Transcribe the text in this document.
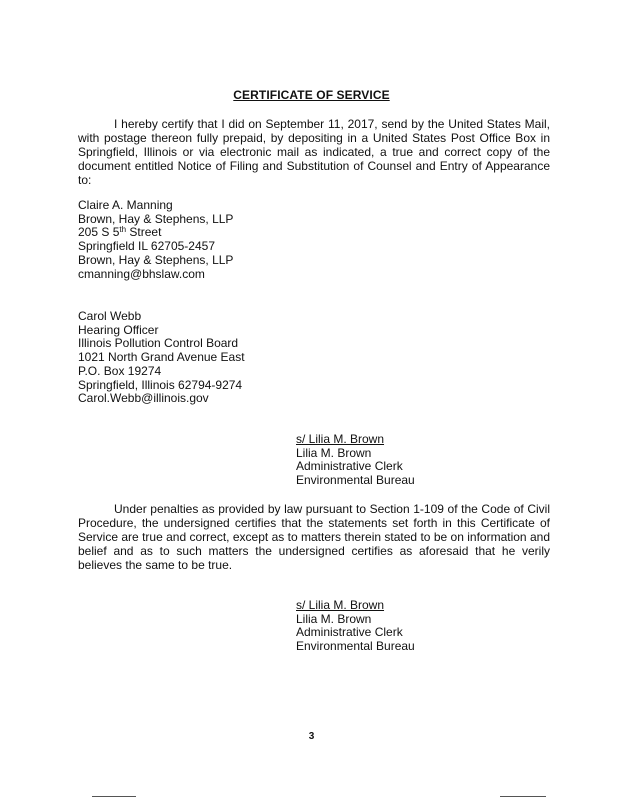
CERTIFICATE OF SERVICE
I hereby certify that I did on September 11, 2017, send by the United States Mail, with postage thereon fully prepaid, by depositing in a United States Post Office Box in Springfield, Illinois or via electronic mail as indicated, a true and correct copy of the document entitled Notice of Filing and Substitution of Counsel and Entry of Appearance to:
Claire A. Manning
Brown, Hay & Stephens, LLP
205 S 5th Street
Springfield IL 62705-2457
Brown, Hay & Stephens, LLP
cmanning@bhslaw.com
Carol Webb
Hearing Officer
Illinois Pollution Control Board
1021 North Grand Avenue East
P.O. Box 19274
Springfield, Illinois 62794-9274
Carol.Webb@illinois.gov
s/ Lilia M. Brown
Lilia M. Brown
Administrative Clerk
Environmental Bureau
Under penalties as provided by law pursuant to Section 1-109 of the Code of Civil Procedure, the undersigned certifies that the statements set forth in this Certificate of Service are true and correct, except as to matters therein stated to be on information and belief and as to such matters the undersigned certifies as aforesaid that he verily believes the same to be true.
s/ Lilia M. Brown
Lilia M. Brown
Administrative Clerk
Environmental Bureau
3
